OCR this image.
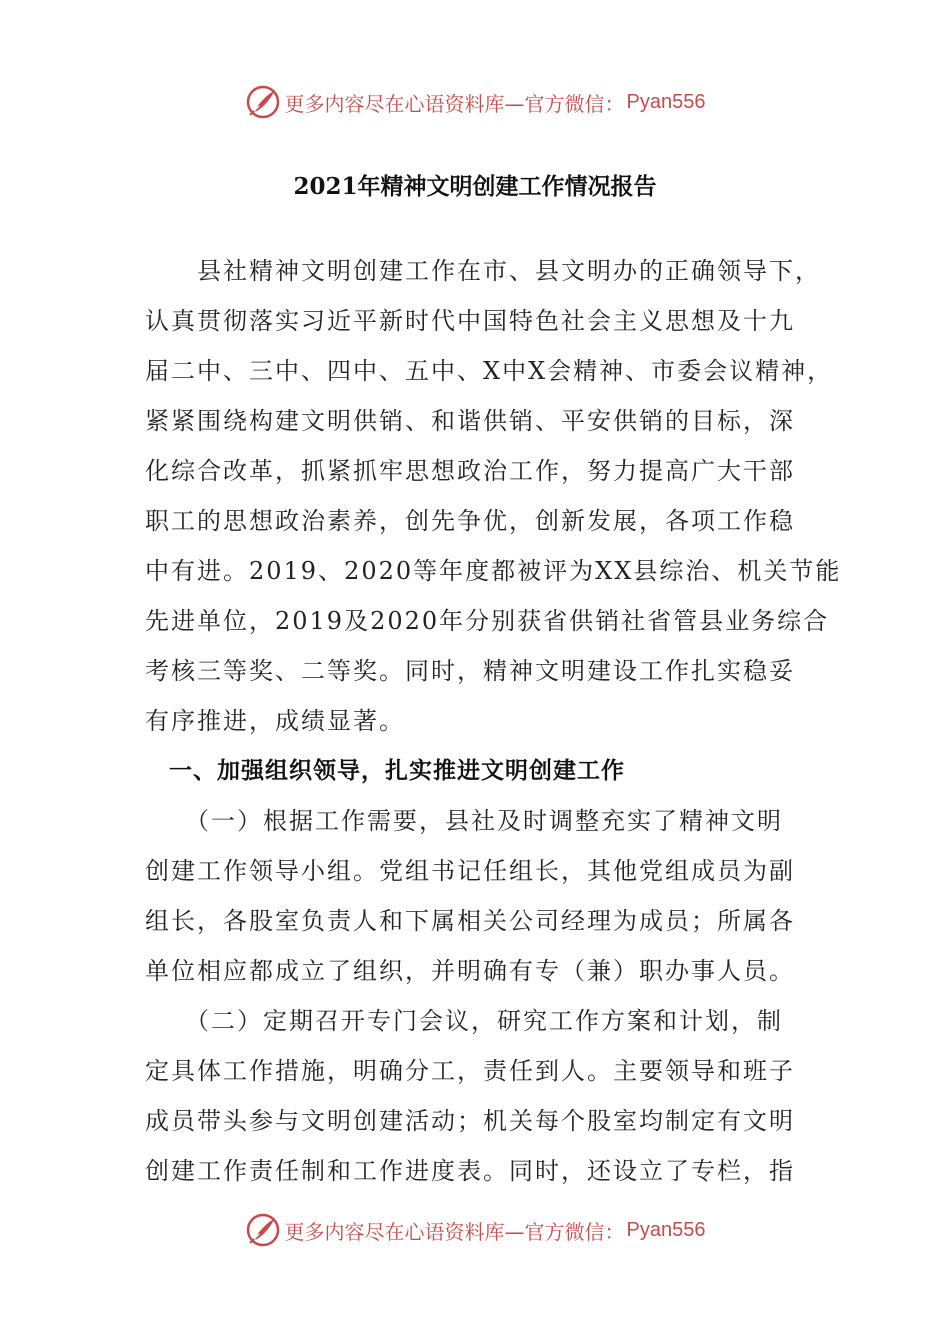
更多内容尽在心语资料库—官方微信： Pyan556
2021年精神文明创建工作情况报告
　　县社精神文明创建工作在市、县文明办的正确领导下，
认真贯彻落实习近平新时代中国特色社会主义思想及十九
届二中、三中、四中、五中、X中X会精神、市委会议精神，
紧紧围绕构建文明供销、和谐供销、平安供销的目标，深
化综合改革，抓紧抓牢思想政治工作，努力提高广大干部
职工的思想政治素养，创先争优，创新发展，各项工作稳
中有进。2019、2020等年度都被评为XX县综治、机关节能
先进单位，2019及2020年分别获省供销社省管县业务综合
考核三等奖、二等奖。同时，精神文明建设工作扎实稳妥
有序推进，成绩显著。
　一、加强组织领导，扎实推进文明创建工作
　　（一）根据工作需要，县社及时调整充实了精神文明
创建工作领导小组。党组书记任组长，其他党组成员为副
组长，各股室负责人和下属相关公司经理为成员；所属各
单位相应都成立了组织，并明确有专（兼）职办事人员。
　　（二）定期召开专门会议，研究工作方案和计划，制
定具体工作措施，明确分工，责任到人。主要领导和班子
成员带头参与文明创建活动；机关每个股室均制定有文明
创建工作责任制和工作进度表。同时，还设立了专栏，指
更多内容尽在心语资料库—官方微信： Pyan556
